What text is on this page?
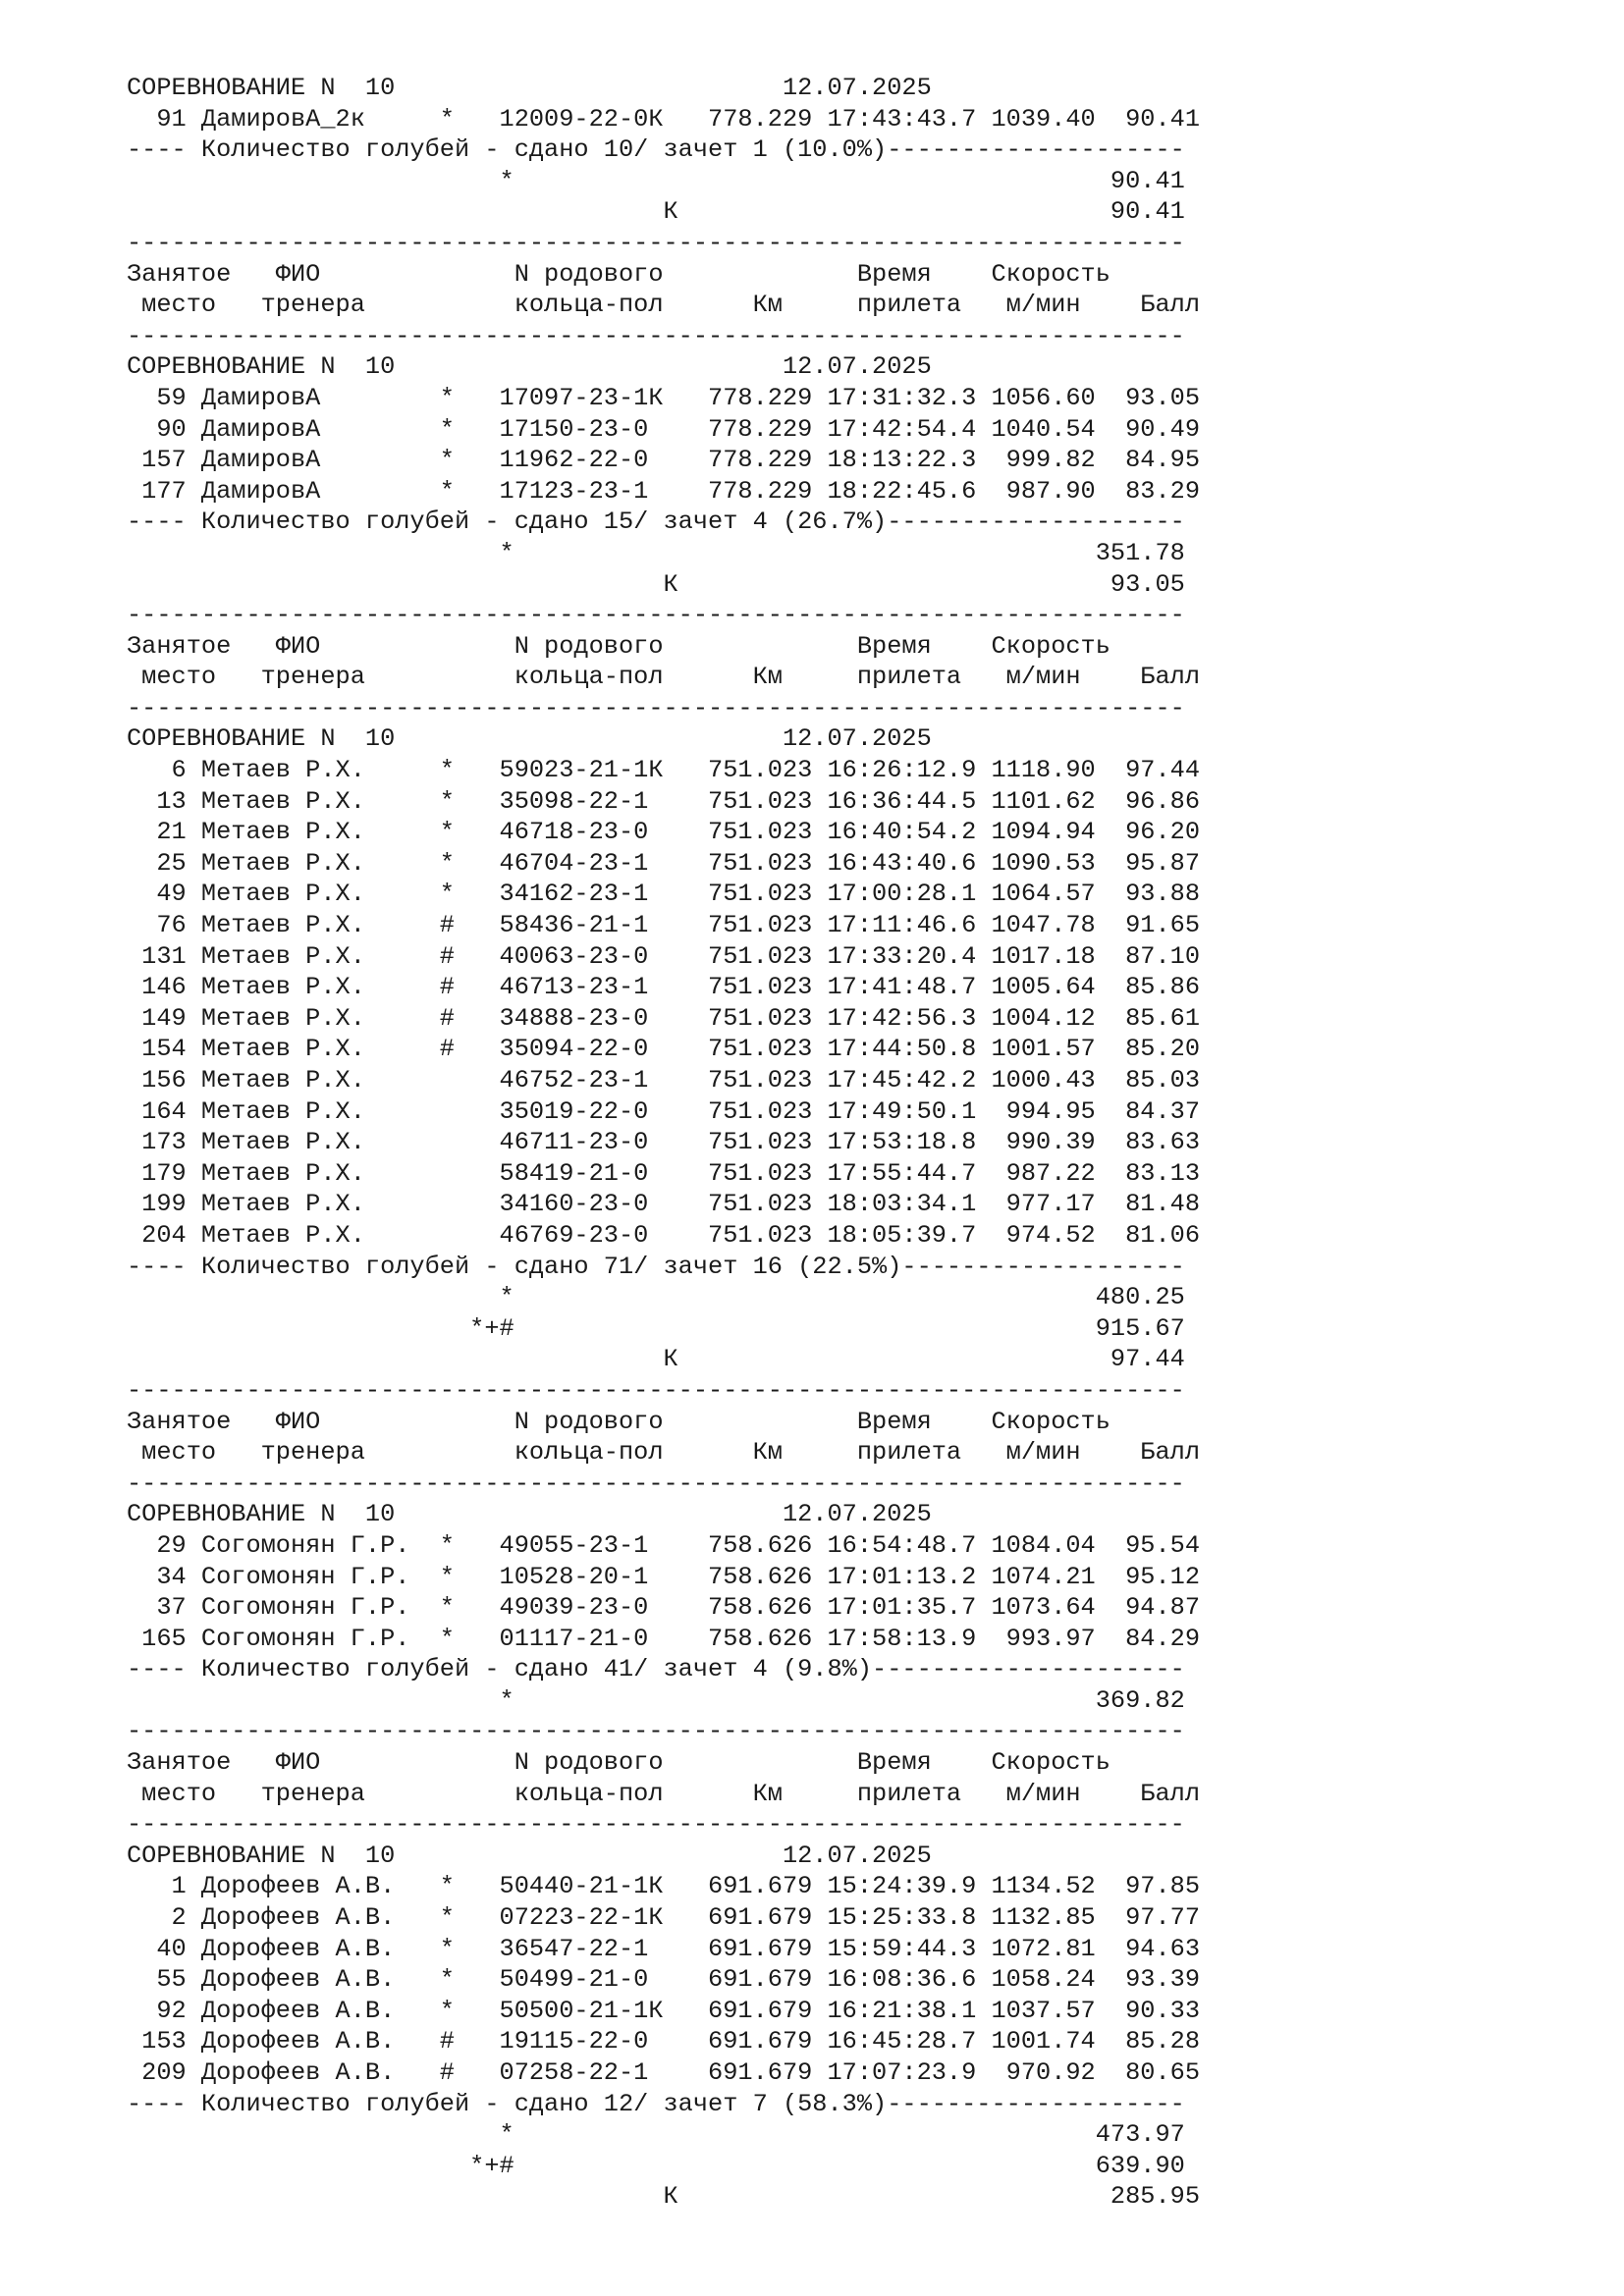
СОРЕВНОВАНИЕ N  10                          12.07.2025
91 ДамировА_2к     *   12009-22-0К   778.229 17:43:43.7 1039.40  90.41
---- Количество голубей - сдано 10/ зачет 1 (10.0%)--------------------
*                                        90.41
К                             90.41
-----------------------------------------------------------------------
Занятое   ФИО             N родового             Время    Скорость
место   тренера          кольца-пол      Км     прилета   м/мин    Балл
-----------------------------------------------------------------------
СОРЕВНОВАНИЕ N  10                          12.07.2025
59 ДамировА        *   17097-23-1К   778.229 17:31:32.3 1056.60  93.05
90 ДамировА        *   17150-23-0    778.229 17:42:54.4 1040.54  90.49
157 ДамировА        *   11962-22-0    778.229 18:13:22.3  999.82  84.95
177 ДамировА        *   17123-23-1    778.229 18:22:45.6  987.90  83.29
---- Количество голубей - сдано 15/ зачет 4 (26.7%)--------------------
*                                       351.78
К                             93.05
-----------------------------------------------------------------------
Занятое   ФИО             N родового             Время    Скорость
место   тренера          кольца-пол      Км     прилета   м/мин    Балл
-----------------------------------------------------------------------
СОРЕВНОВАНИЕ N  10                          12.07.2025
6 Метаев Р.Х.     *   59023-21-1К   751.023 16:26:12.9 1118.90  97.44
13 Метаев Р.Х.     *   35098-22-1    751.023 16:36:44.5 1101.62  96.86
21 Метаев Р.Х.     *   46718-23-0    751.023 16:40:54.2 1094.94  96.20
25 Метаев Р.Х.     *   46704-23-1    751.023 16:43:40.6 1090.53  95.87
49 Метаев Р.Х.     *   34162-23-1    751.023 17:00:28.1 1064.57  93.88
76 Метаев Р.Х.     #   58436-21-1    751.023 17:11:46.6 1047.78  91.65
131 Метаев Р.Х.     #   40063-23-0    751.023 17:33:20.4 1017.18  87.10
146 Метаев Р.Х.     #   46713-23-1    751.023 17:41:48.7 1005.64  85.86
149 Метаев Р.Х.     #   34888-23-0    751.023 17:42:56.3 1004.12  85.61
154 Метаев Р.Х.     #   35094-22-0    751.023 17:44:50.8 1001.57  85.20
156 Метаев Р.Х.         46752-23-1    751.023 17:45:42.2 1000.43  85.03
164 Метаев Р.Х.         35019-22-0    751.023 17:49:50.1  994.95  84.37
173 Метаев Р.Х.         46711-23-0    751.023 17:53:18.8  990.39  83.63
179 Метаев Р.Х.         58419-21-0    751.023 17:55:44.7  987.22  83.13
199 Метаев Р.Х.         34160-23-0    751.023 18:03:34.1  977.17  81.48
204 Метаев Р.Х.         46769-23-0    751.023 18:05:39.7  974.52  81.06
---- Количество голубей - сдано 71/ зачет 16 (22.5%)-------------------
*                                       480.25
*+#                                       915.67
К                             97.44
-----------------------------------------------------------------------
Занятое   ФИО             N родового             Время    Скорость
место   тренера          кольца-пол      Км     прилета   м/мин    Балл
-----------------------------------------------------------------------
СОРЕВНОВАНИЕ N  10                          12.07.2025
29 Согомонян Г.Р.  *   49055-23-1    758.626 16:54:48.7 1084.04  95.54
34 Согомонян Г.Р.  *   10528-20-1    758.626 17:01:13.2 1074.21  95.12
37 Согомонян Г.Р.  *   49039-23-0    758.626 17:01:35.7 1073.64  94.87
165 Согомонян Г.Р.  *   01117-21-0    758.626 17:58:13.9  993.97  84.29
---- Количество голубей - сдано 41/ зачет 4 (9.8%)---------------------
*                                       369.82
-----------------------------------------------------------------------
Занятое   ФИО             N родового             Время    Скорость
место   тренера          кольца-пол      Км     прилета   м/мин    Балл
-----------------------------------------------------------------------
СОРЕВНОВАНИЕ N  10                          12.07.2025
1 Дорофеев А.В.   *   50440-21-1К   691.679 15:24:39.9 1134.52  97.85
2 Дорофеев А.В.   *   07223-22-1К   691.679 15:25:33.8 1132.85  97.77
40 Дорофеев А.В.   *   36547-22-1    691.679 15:59:44.3 1072.81  94.63
55 Дорофеев А.В.   *   50499-21-0    691.679 16:08:36.6 1058.24  93.39
92 Дорофеев А.В.   *   50500-21-1К   691.679 16:21:38.1 1037.57  90.33
153 Дорофеев А.В.   #   19115-22-0    691.679 16:45:28.7 1001.74  85.28
209 Дорофеев А.В.   #   07258-22-1    691.679 17:07:23.9  970.92  80.65
---- Количество голубей - сдано 12/ зачет 7 (58.3%)--------------------
*                                       473.97
*+#                                       639.90
К                             285.95
